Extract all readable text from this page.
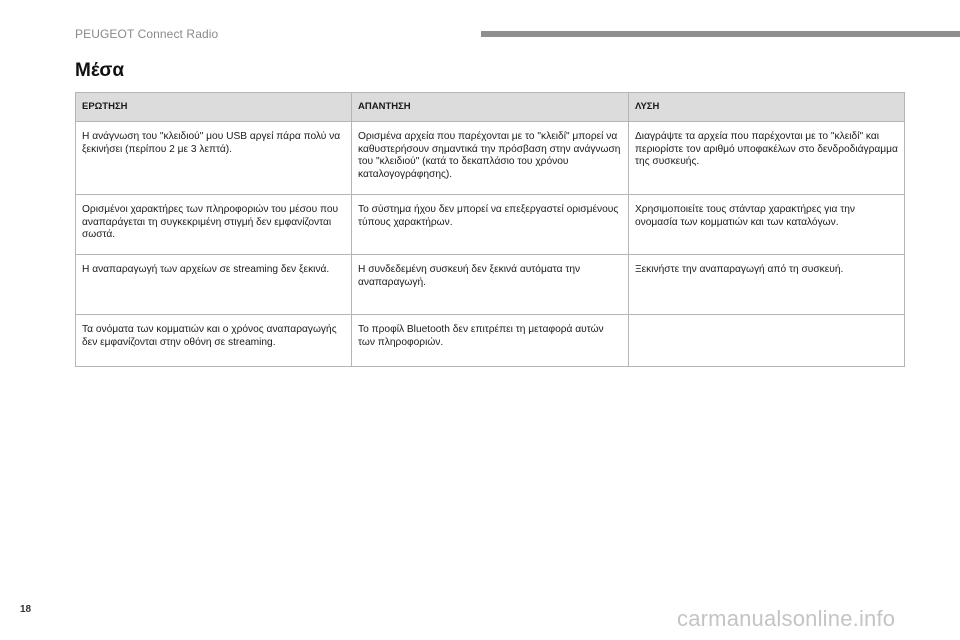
PEUGEOT Connect Radio
Μέσα
ΕΡΩΤΗΣΗ	ΑΠΑΝΤΗΣΗ	ΛΥΣΗ
Η ανάγνωση του "κλειδιού" μου USB αργεί πάρα πολύ να ξεκινήσει (περίπου 2 με 3 λεπτά).	Ορισμένα αρχεία που παρέχονται με το "κλειδί" μπορεί να καθυστερήσουν σημαντικά την πρόσβαση στην ανάγνωση του "κλειδιού" (κατά το δεκαπλάσιο του χρόνου καταλογογράφησης).	Διαγράψτε τα αρχεία που παρέχονται με το "κλειδί" και περιορίστε τον αριθμό υποφακέλων στο δενδροδιάγραμμα της συσκευής.
Ορισμένοι χαρακτήρες των πληροφοριών του μέσου που αναπαράγεται τη συγκεκριμένη στιγμή δεν εμφανίζονται σωστά.	Το σύστημα ήχου δεν μπορεί να επεξεργαστεί ορισμένους τύπους χαρακτήρων.	Χρησιμοποιείτε τους στάνταρ χαρακτήρες για την ονομασία των κομματιών και των καταλόγων.
Η αναπαραγωγή των αρχείων σε streaming δεν ξεκινά.	Η συνδεδεμένη συσκευή δεν ξεκινά αυτόματα την αναπαραγωγή.	Ξεκινήστε την αναπαραγωγή από τη συσκευή.
Τα ονόματα των κομματιών και ο χρόνος αναπαραγωγής δεν εμφανίζονται στην οθόνη σε streaming.	Το προφίλ Bluetooth δεν επιτρέπει τη μεταφορά αυτών των πληροφοριών.	
18	carmanualsonline.info
